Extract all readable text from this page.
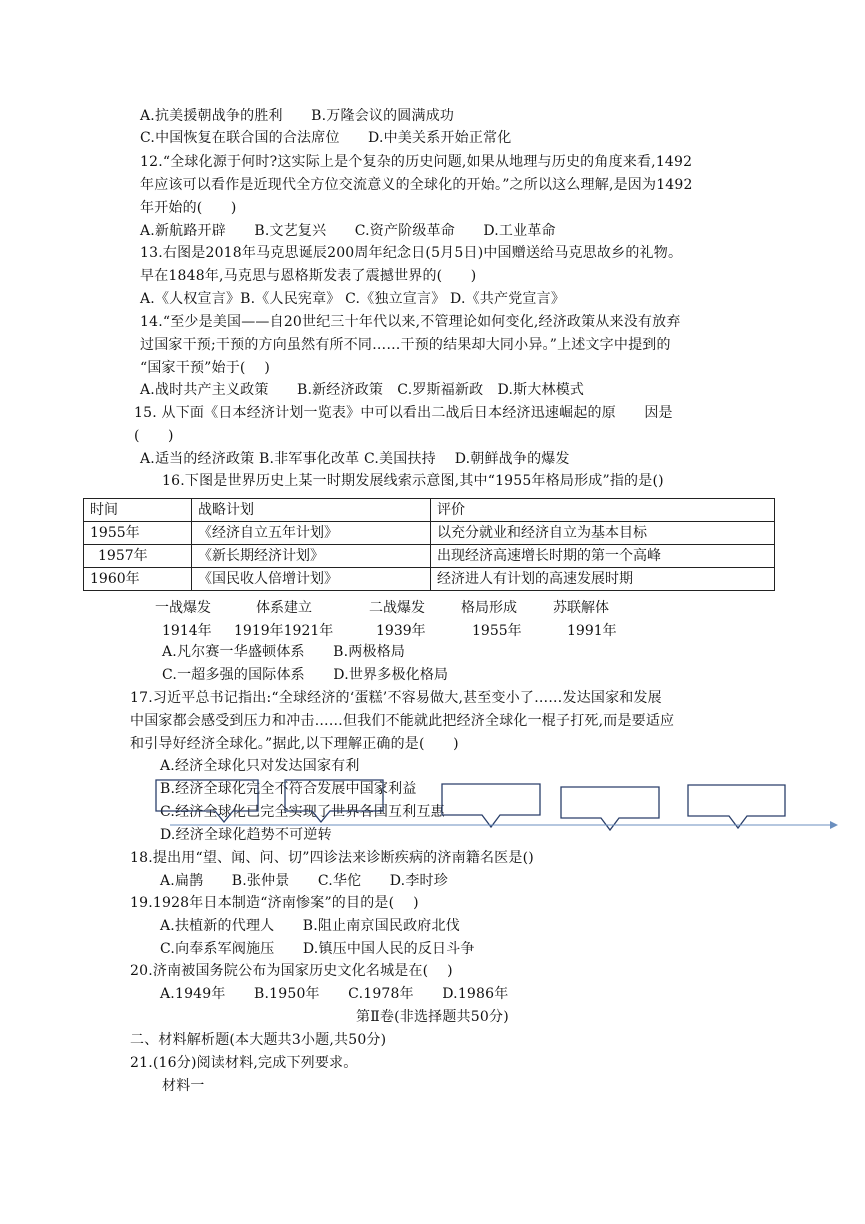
A.抗美援朝战争的胜利　　B.万隆会议的圆满成功
C.中国恢复在联合国的合法席位　　D.中美关系开始正常化
12.“全球化源于何时?这实际上是个复杂的历史问题,如果从地理与历史的角度来看,1492
年应该可以看作是近现代全方位交流意义的全球化的开始。”之所以这么理解,是因为1492
年开始的(　　)
A.新航路开辟　　B.文艺复兴　　C.资产阶级革命　　D.工业革命
13.右图是2018年马克思诞辰200周年纪念日(5月5日)中国赠送给马克思故乡的礼物。
早在1848年,马克思与恩格斯发表了震撼世界的(　　)
A.《人权宣言》B.《人民宪章》 C.《独立宣言》 D.《共产党宣言》
14.“至少是美国——自20世纪三十年代以来,不管理论如何变化,经济政策从来没有放弃
过国家干预;干预的方向虽然有所不同……干预的结果却大同小异。”上述文字中提到的
“国家干预”始于(　 )
A.战时共产主义政策　　B.新经济政策　C.罗斯福新政　D.斯大林模式
15. 从下面《日本经济计划一览表》中可以看出二战后日本经济迅速崛起的原　　因是
(　　)
A.适当的经济政策 B.非军事化改革 C.美国扶持　 D.朝鲜战争的爆发
16.下图是世界历史上某一时期发展线索示意图,其中“1955年格局形成”指的是()
时间	战略计划	评价
1955年	《经济自立五年计划》	以充分就业和经济自立为基本目标
1957年	《新长期经济计划》	出现经济高速增长时期的第一个高峰
1960年	《国民收人倍增计划》	经济进人有计划的高速发展时期
一战爆发	体系建立	二战爆发	格局形成	苏联解体
1914年 1919年1921年	1939年	1955年	1991年
A.凡尔赛一华盛顿体系　　B.两极格局
C.一超多强的国际体系　　D.世界多极化格局
17.习近平总书记指出:“全球经济的‘蛋糕’不容易做大,甚至变小了……发达国家和发展
中国家都会感受到压力和冲击……但我们不能就此把经济全球化一棍子打死,而是要适应
和引导好经济全球化。”据此,以下理解正确的是(　　)
A.经济全球化只对发达国家有利
B.经济全球化完全不符合发展中国家利益
C.经济全球化已完全实现了世界各国互利互惠
D.经济全球化趋势不可逆转
18.提出用“望、闻、问、切”四诊法来诊断疾病的济南籍名医是()
A.扁鹊　　B.张仲景　　C.华佗　　D.李时珍
19.1928年日本制造“济南惨案”的目的是(　 )
A.扶植新的代理人　　B.阻止南京国民政府北伐
C.向奉系军阀施压　　D.镇压中国人民的反日斗争
20.济南被国务院公布为国家历史文化名城是在(　 )
A.1949年　　B.1950年　　C.1978年　　D.1986年
第Ⅱ卷(非选择题共50分)
二、材料解析题(本大题共3小题,共50分)
21.(16分)阅读材料,完成下列要求。
材料一
